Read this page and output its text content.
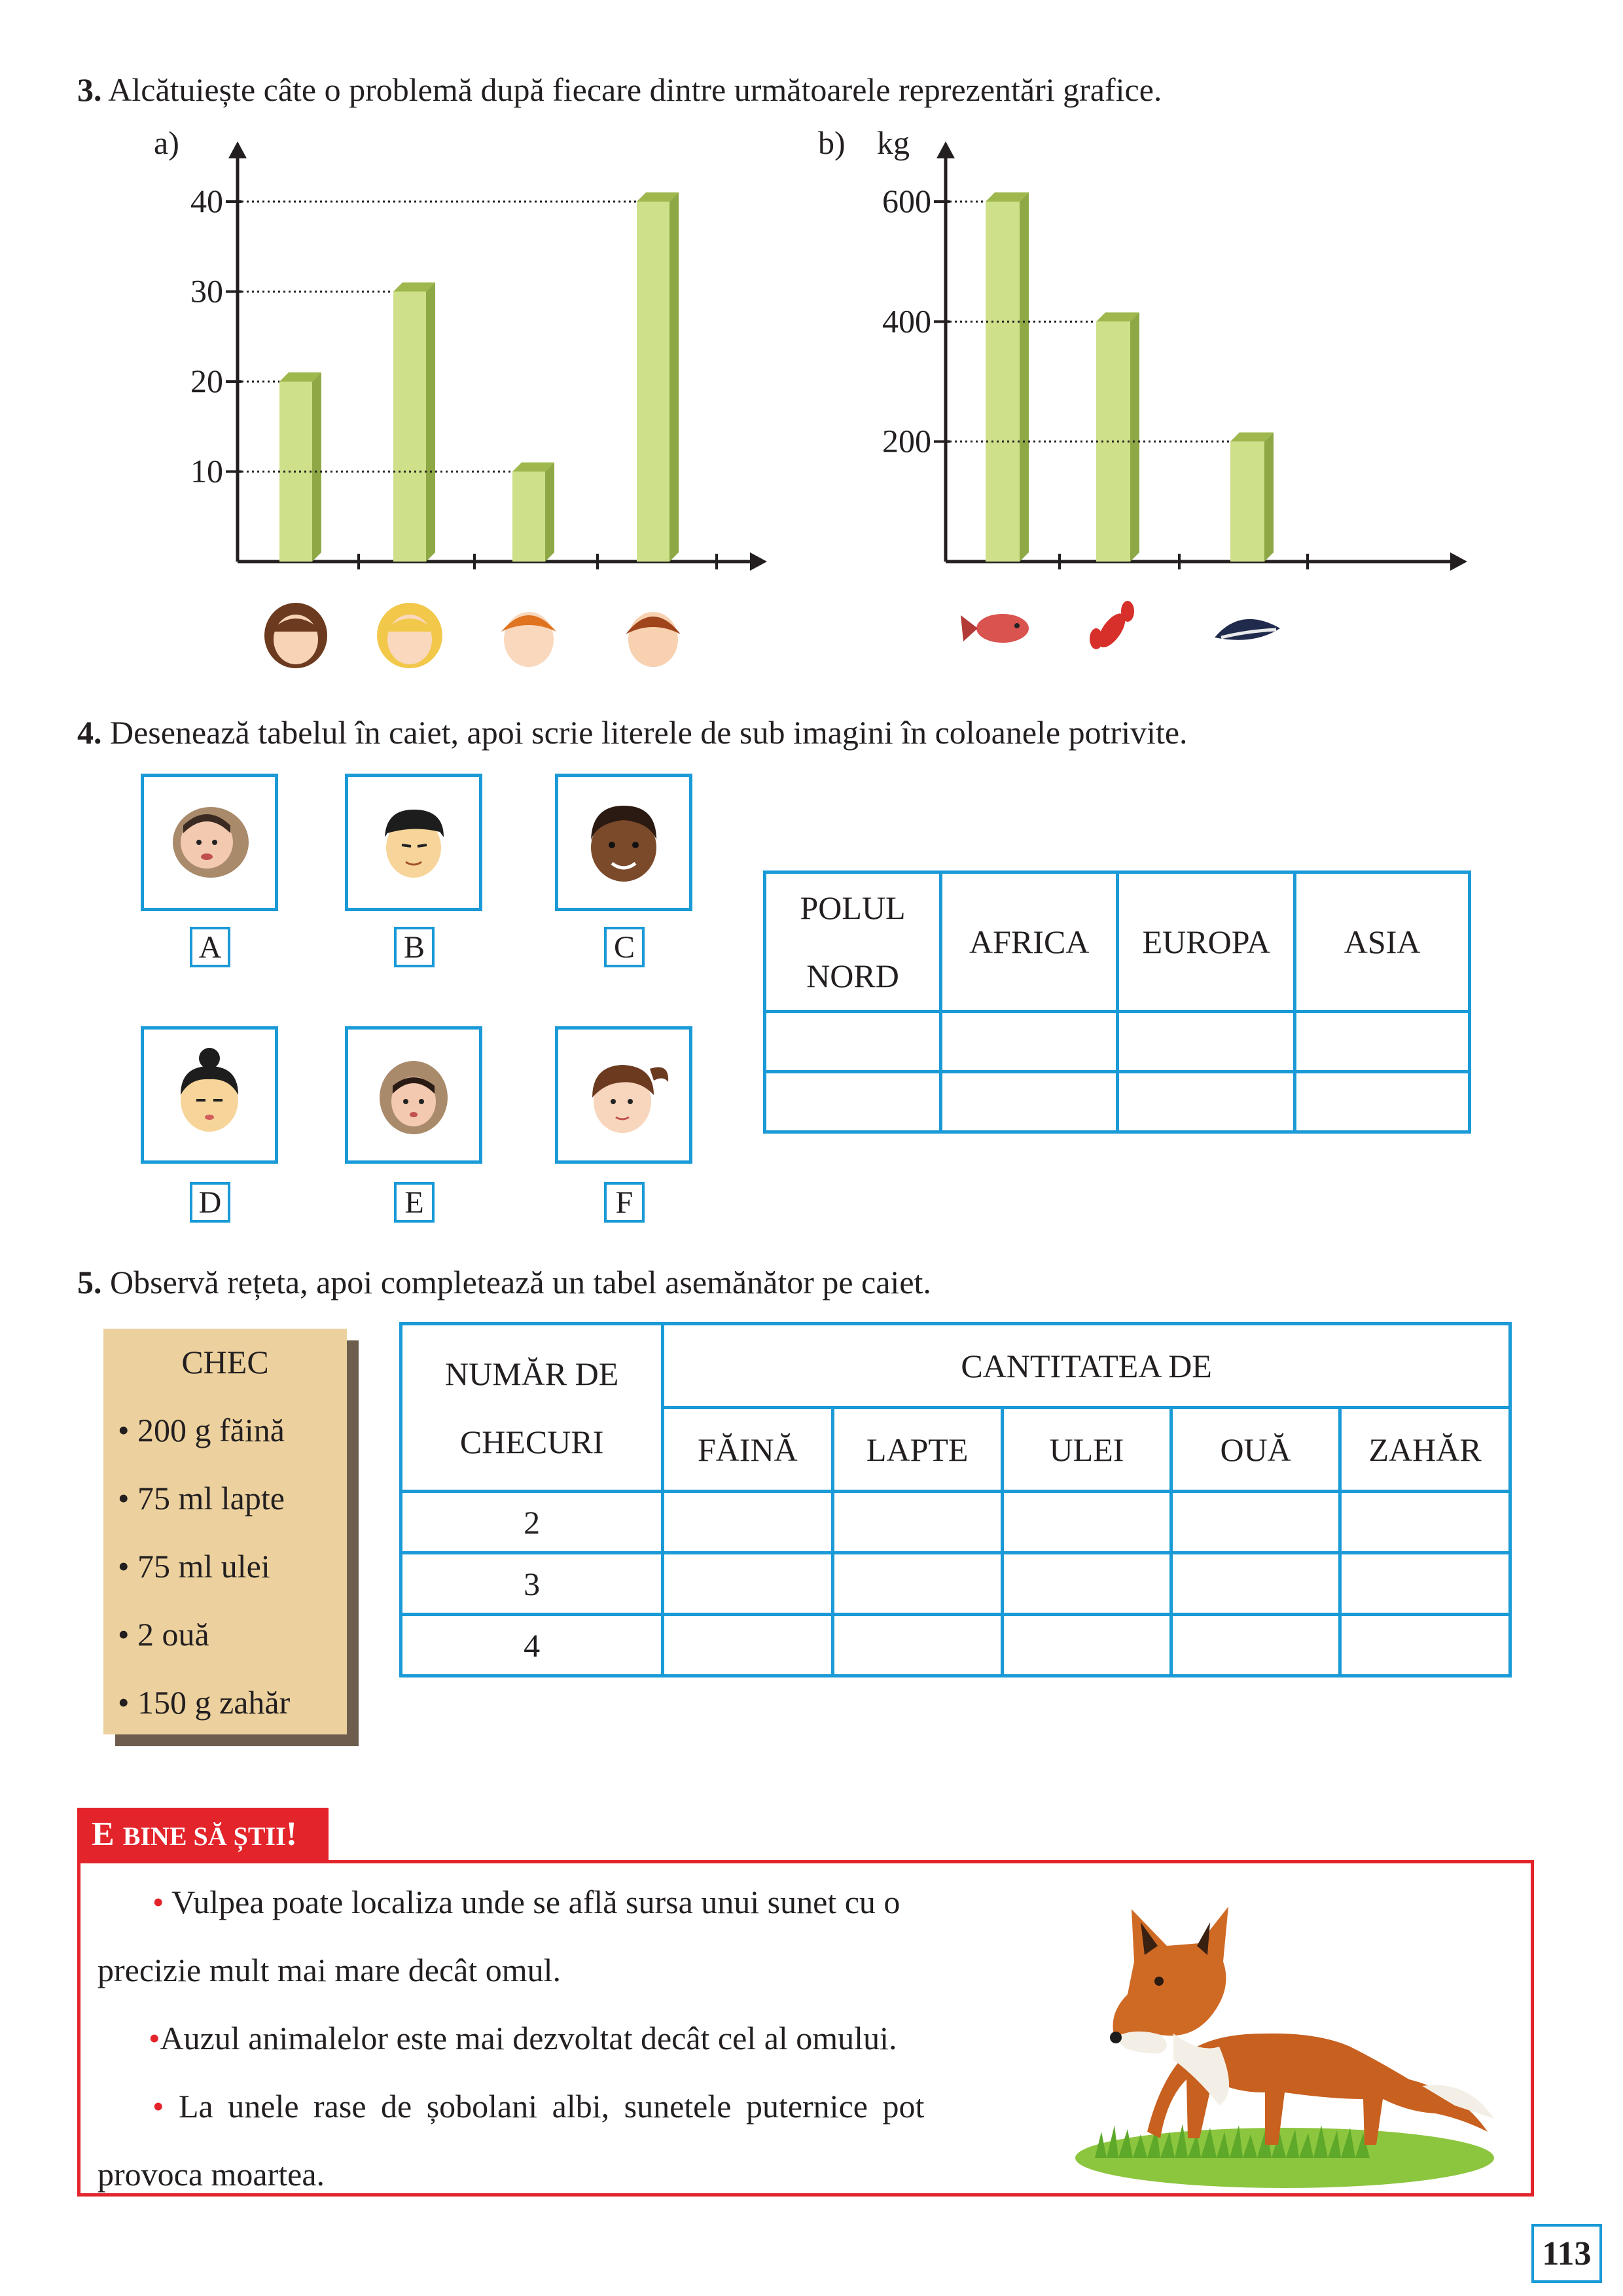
3. Alcătuiește câte o problemă după fiecare dintre următoarele reprezentări grafice.
a)
10
20
30
40
b) kg
200
400
600
4. Desenează tabelul în caiet, apoi scrie literele de sub imagini în coloanele potrivite.
A	B	C
D	E	F
POLUL
NORD	AFRICA	EUROPA	ASIA

5. Observă rețeta, apoi completează un tabel asemănător pe caiet.
CHEC
• 200 g făină
• 75 ml lapte
• 75 ml ulei
• 2 ouă
• 150 g zahăr
NUMĂR DE
CHECURI	CANTITATEA DE				
	FĂINĂ	LAPTE	ULEI	OUĂ	ZAHĂR
2					
3					
4					
E BINE SĂ ȘTII!
• Vulpea poate localiza unde se află sursa unui sunet cu o
precizie mult mai mare decât omul.
•Auzul animalelor este mai dezvoltat decât cel al omului.
• La unele rase de șobolani albi, sunetele puternice pot
provoca moartea.
113
